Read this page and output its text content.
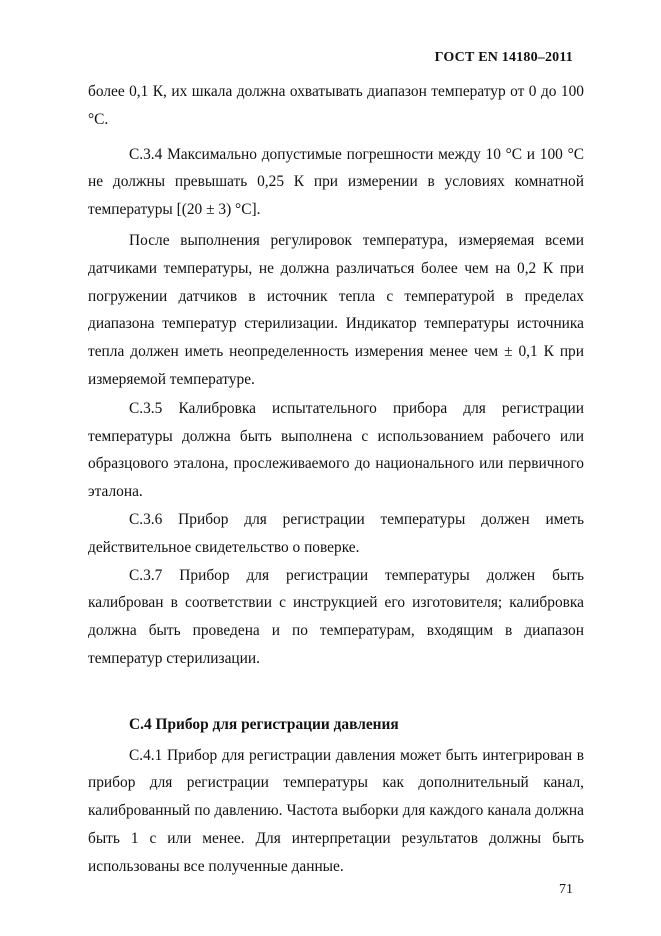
ГОСТ EN 14180–2011

более 0,1 К, их шкала должна охватывать диапазон температур от 0 до 100 °С.

С.3.4 Максимально допустимые погрешности между 10 °С и 100 °С не должны превышать 0,25 К при измерении в условиях комнатной температуры [(20 ± 3) °С].

После выполнения регулировок температура, измеряемая всеми датчиками температуры, не должна различаться более чем на 0,2 К при погружении датчиков в источник тепла с температурой в пределах диапазона температур стерилизации. Индикатор температуры источника тепла должен иметь неопределенность измерения менее чем ± 0,1 К при измеряемой температуре.

С.3.5 Калибровка испытательного прибора для регистрации температуры должна быть выполнена с использованием рабочего или образцового эталона, прослеживаемого до национального или первичного эталона.

С.3.6 Прибор для регистрации температуры должен иметь действительное свидетельство о поверке.

С.3.7 Прибор для регистрации температуры должен быть калиброван в соответствии с инструкцией его изготовителя; калибровка должна быть проведена и по температурам, входящим в диапазон температур стерилизации.

С.4 Прибор для регистрации давления

С.4.1 Прибор для регистрации давления может быть интегрирован в прибор для регистрации температуры как дополнительный канал, калиброванный по давлению. Частота выборки для каждого канала должна быть 1 с или менее. Для интерпретации результатов должны быть использованы все полученные данные.

71
